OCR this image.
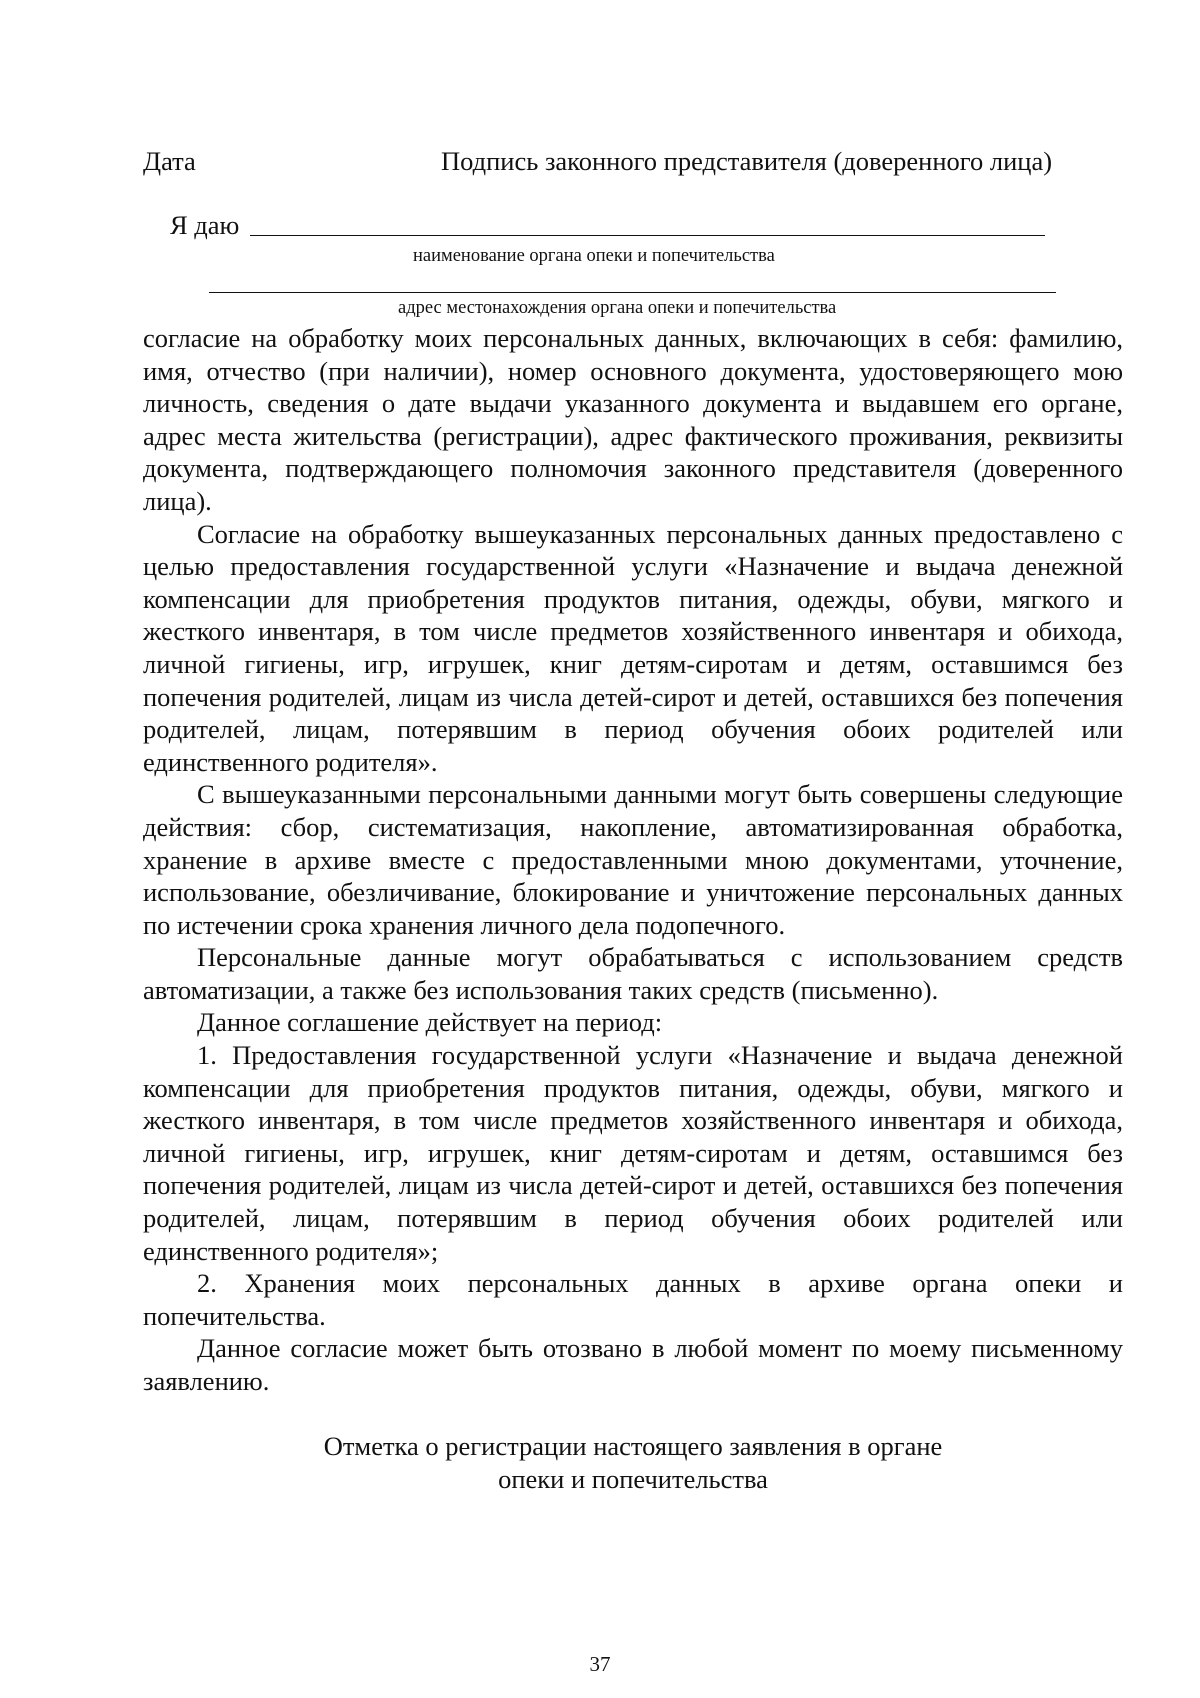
Дата	Подпись законного представителя (доверенного лица)
Я даю
наименование органа опеки и попечительства
адрес местонахождения органа опеки и попечительства

согласие на обработку моих персональных данных, включающих в себя: фамилию, имя, отчество (при наличии), номер основного документа, удостоверяющего мою личность, сведения о дате выдачи указанного документа и выдавшем его органе, адрес места жительства (регистрации), адрес фактического проживания, реквизиты документа, подтверждающего полномочия законного представителя (доверенного лица).

Согласие на обработку вышеуказанных персональных данных предоставлено с целью предоставления государственной услуги «Назначение и выдача денежной компенсации для приобретения продуктов питания, одежды, обуви, мягкого и жесткого инвентаря, в том числе предметов хозяйственного инвентаря и обихода, личной гигиены, игр, игрушек, книг детям-сиротам и детям, оставшимся без попечения родителей, лицам из числа детей-сирот и детей, оставшихся без попечения родителей, лицам, потерявшим в период обучения обоих родителей или единственного родителя».

С вышеуказанными персональными данными могут быть совершены следующие действия: сбор, систематизация, накопление, автоматизированная обработка, хранение в архиве вместе с предоставленными мною документами, уточнение, использование, обезличивание, блокирование и уничтожение персональных данных по истечении срока хранения личного дела подопечного.

Персональные данные могут обрабатываться с использованием средств автоматизации, а также без использования таких средств (письменно).

Данное соглашение действует на период:

1. Предоставления государственной услуги «Назначение и выдача денежной компенсации для приобретения продуктов питания, одежды, обуви, мягкого и жесткого инвентаря, в том числе предметов хозяйственного инвентаря и обихода, личной гигиены, игр, игрушек, книг детям-сиротам и детям, оставшимся без попечения родителей, лицам из числа детей-сирот и детей, оставшихся без попечения родителей, лицам, потерявшим в период обучения обоих родителей или единственного родителя»;

2. Хранения моих персональных данных в архиве органа опеки и попечительства.

Данное согласие может быть отозвано в любой момент по моему письменному заявлению.

Отметка о регистрации настоящего заявления в органе
опеки и попечительства
37
